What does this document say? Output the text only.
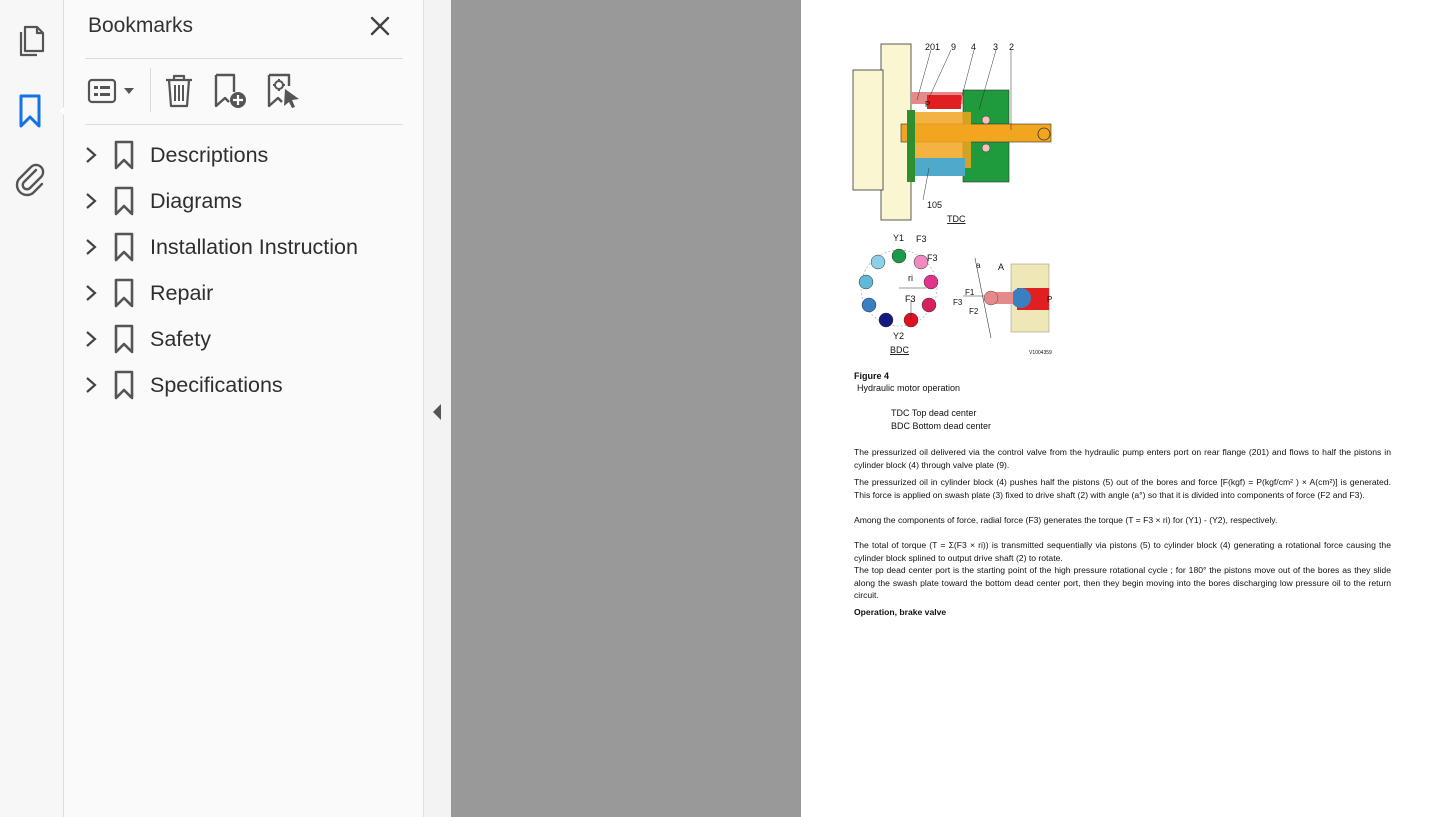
Bookmarks
Descriptions
Diagrams
Installation Instruction
Repair
Safety
Specifications
201 9 4 3 2
105
TDC
P
Y1 F3
F3
ri
F3
Y2
BDC
a A
F1
F3
F2
P
V1004359
Figure 4
Hydraulic motor operation
TDC Top dead center
BDC Bottom dead center

The pressurized oil delivered via the control valve from the hydraulic pump enters port on rear flange (201) and flows to half the pistons in cylinder block (4) through valve plate (9).

The pressurized oil in cylinder block (4) pushes half the pistons (5) out of the bores and force [F(kgf) = P(kgf/cm² ) × A(cm²)] is generated. This force is applied on swash plate (3) fixed to drive shaft (2) with angle (a°) so that it is divided into components of force (F2 and F3).

Among the components of force, radial force (F3) generates the torque (T = F3 × ri) for (Y1) - (Y2), respectively.

The total of torque (T = Σ(F3 × ri)) is transmitted sequentially via pistons (5) to cylinder block (4) generating a rotational force causing the cylinder block splined to output drive shaft (2) to rotate.

The top dead center port is the starting point of the high pressure rotational cycle ; for 180° the pistons move out of the bores as they slide along the swash plate toward the bottom dead center port, then they begin moving into the bores discharging low pressure oil to the return circuit.

Operation, brake valve
